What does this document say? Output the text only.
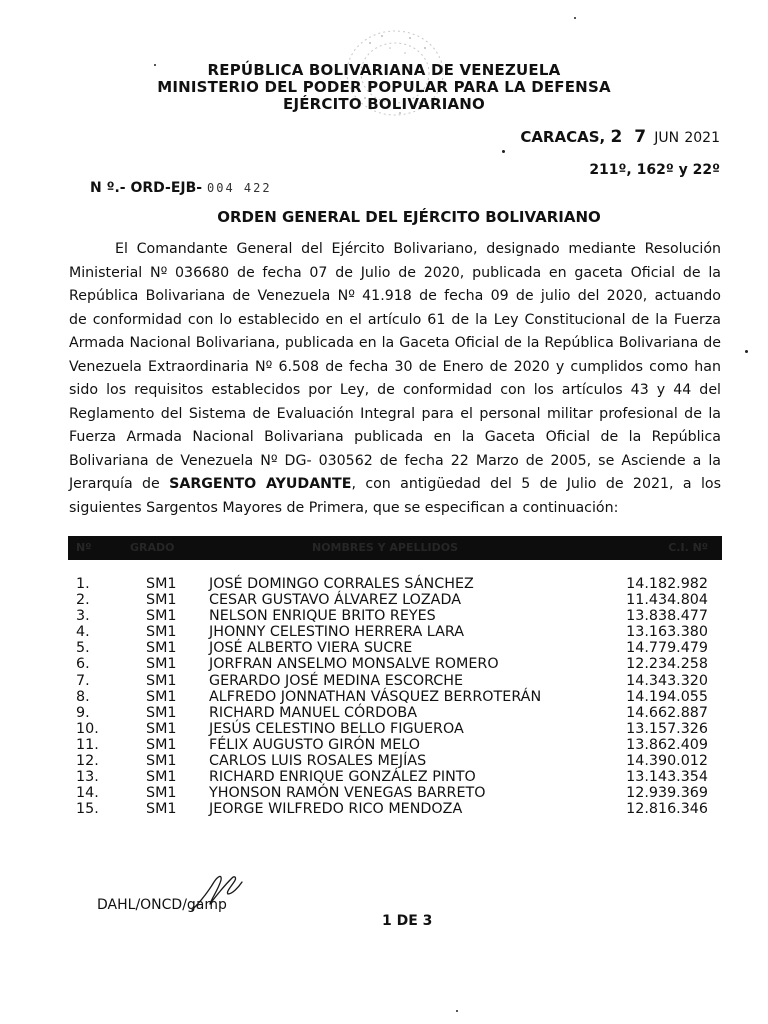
REPÚBLICA BOLIVARIANA DE VENEZUELA
MINISTERIO DEL PODER POPULAR PARA LA DEFENSA
EJÉRCITO BOLIVARIANO
CARACAS, 2 7 JUN 2021
211º, 162º y 22º
N º.- ORD-EJB- 004 422
ORDEN GENERAL DEL EJÉRCITO BOLIVARIANO
El Comandante General del Ejército Bolivariano, designado mediante Resolución
Ministerial Nº 036680 de fecha 07 de Julio de 2020, publicada en gaceta Oficial de la
República Bolivariana de Venezuela Nº 41.918 de fecha 09 de julio del 2020, actuando
de conformidad con lo establecido en el artículo 61 de la Ley Constitucional de la Fuerza
Armada Nacional Bolivariana, publicada en la Gaceta Oficial de la República Bolivariana de
Venezuela Extraordinaria Nº 6.508 de fecha 30 de Enero de 2020 y cumplidos como han
sido los requisitos establecidos por Ley, de conformidad con los artículos 43 y 44 del
Reglamento del Sistema de Evaluación Integral para el personal militar profesional de la
Fuerza Armada Nacional Bolivariana publicada en la Gaceta Oficial de la República
Bolivariana de Venezuela Nº DG- 030562 de fecha 22 Marzo de 2005, se Asciende a la
Jerarquía de SARGENTO AYUDANTE, con antigüedad del 5 de Julio de 2021, a los
siguientes Sargentos Mayores de Primera, que se especifican a continuación:
Nº	GRADO	NOMBRES Y APELLIDOS	C.I. Nº
1.	SM1 JOSÉ DOMINGO CORRALES SÁNCHEZ	14.182.982
2.	SM1 CESAR GUSTAVO ÁLVAREZ LOZADA	11.434.804
3.	SM1 NELSON ENRIQUE BRITO REYES	13.838.477
4.	SM1 JHONNY CELESTINO HERRERA LARA	13.163.380
5.	SM1 JOSÉ ALBERTO VIERA SUCRE	14.779.479
6.	SM1 JORFRAN ANSELMO MONSALVE ROMERO	12.234.258
7.	SM1 GERARDO JOSÉ MEDINA ESCORCHE	14.343.320
8.	SM1 ALFREDO JONNATHAN VÁSQUEZ BERROTERÁN	14.194.055
9.	SM1 RICHARD MANUEL CÓRDOBA	14.662.887
10.	SM1 JESÚS CELESTINO BELLO FIGUEROA	13.157.326
11.	SM1 FÉLIX AUGUSTO GIRÓN MELO	13.862.409
12.	SM1 CARLOS LUIS ROSALES MEJÍAS	14.390.012
13.	SM1 RICHARD ENRIQUE GONZÁLEZ PINTO	13.143.354
14.	SM1 YHONSON RAMÓN VENEGAS BARRETO	12.939.369
15.	SM1 JEORGE WILFREDO RICO MENDOZA	12.816.346
DAHL/ONCD/gamp
1 DE 3
